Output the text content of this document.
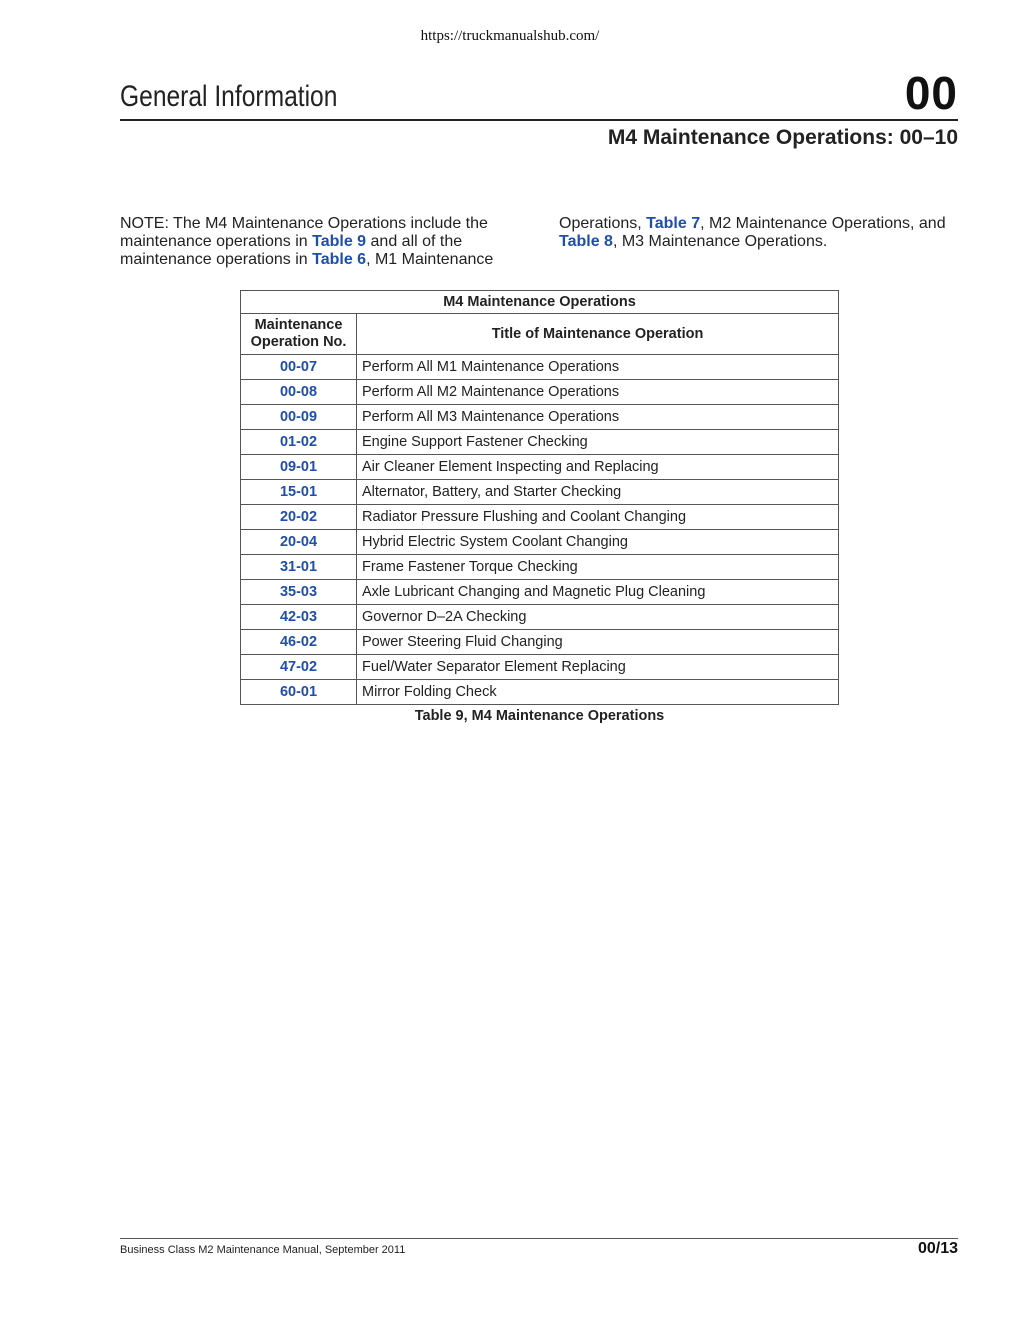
https://truckmanualshub.com/
General Information	00
M4 Maintenance Operations: 00–10
NOTE: The M4 Maintenance Operations include the maintenance operations in Table 9 and all of the maintenance operations in Table 6, M1 Maintenance
Operations, Table 7, M2 Maintenance Operations, and Table 8, M3 Maintenance Operations.
M4 Maintenance Operations	
Maintenance
Operation No.	Title of Maintenance Operation
00-07	Perform All M1 Maintenance Operations
00-08	Perform All M2 Maintenance Operations
00-09	Perform All M3 Maintenance Operations
01-02	Engine Support Fastener Checking
09-01	Air Cleaner Element Inspecting and Replacing
15-01	Alternator, Battery, and Starter Checking
20-02	Radiator Pressure Flushing and Coolant Changing
20-04	Hybrid Electric System Coolant Changing
31-01	Frame Fastener Torque Checking
35-03	Axle Lubricant Changing and Magnetic Plug Cleaning
42-03	Governor D–2A Checking
46-02	Power Steering Fluid Changing
47-02	Fuel/Water Separator Element Replacing
60-01	Mirror Folding Check
Table 9, M4 Maintenance Operations
Business Class M2 Maintenance Manual, September 2011	00/13
